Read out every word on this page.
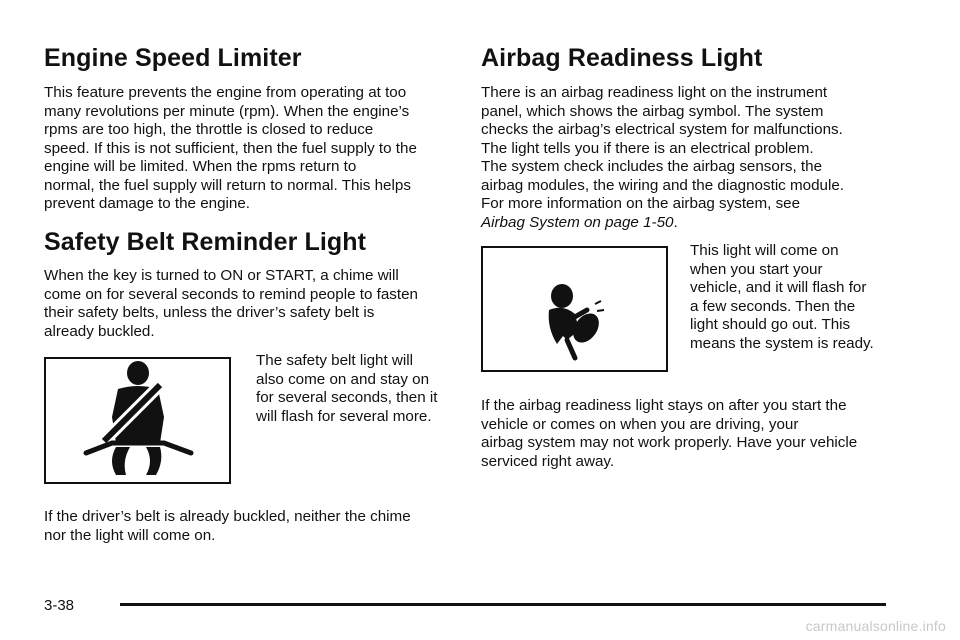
Engine Speed Limiter

This feature prevents the engine from operating at too
many revolutions per minute (rpm). When the engine’s
rpms are too high, the throttle is closed to reduce
speed. If this is not sufficient, then the fuel supply to the
engine will be limited. When the rpms return to
normal, the fuel supply will return to normal. This helps
prevent damage to the engine.

Safety Belt Reminder Light

When the key is turned to ON or START, a chime will
come on for several seconds to remind people to fasten
their safety belts, unless the driver’s safety belt is
already buckled.

The safety belt light will
also come on and stay on
for several seconds, then it
will flash for several more.

If the driver’s belt is already buckled, neither the chime
nor the light will come on.

Airbag Readiness Light

There is an airbag readiness light on the instrument
panel, which shows the airbag symbol. The system
checks the airbag’s electrical system for malfunctions.
The light tells you if there is an electrical problem.
The system check includes the airbag sensors, the
airbag modules, the wiring and the diagnostic module.
For more information on the airbag system, see
Airbag System on page 1-50.

This light will come on
when you start your
vehicle, and it will flash for
a few seconds. Then the
light should go out. This
means the system is ready.

If the airbag readiness light stays on after you start the
vehicle or comes on when you are driving, your
airbag system may not work properly. Have your vehicle
serviced right away.

3-38
carmanualsonline.info
